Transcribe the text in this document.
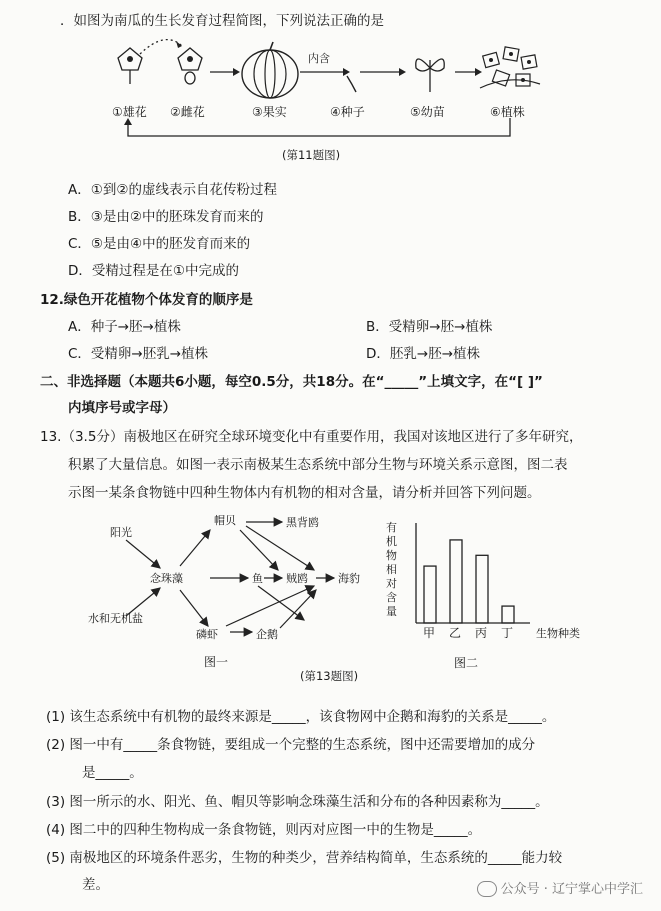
．如图为南瓜的生长发育过程简图，下列说法正确的是
内含
①雄花 ②雌花	③果实	④种子	⑤幼苗	⑥植株
(第11题图)
A．①到②的虚线表示自花传粉过程
B．③是由②中的胚珠发育而来的
C．⑤是由④中的胚发育而来的
D．受精过程是在①中完成的
12.绿色开花植物个体发育的顺序是
A．种子→胚→植株	B．受精卵→胚→植株
C．受精卵→胚乳→植株	D．胚乳→胚→植株
二、非选择题（本题共6小题，每空0.5分，共18分。在“_____”上填文字，在“[ ]”
内填序号或字母）
13.（3.5分）南极地区在研究全球环境变化中有重要作用，我国对该地区进行了多年研究，
积累了大量信息。如图一表示南极某生态系统中部分生物与环境关系示意图，图二表
示图一某条食物链中四种生物体内有机物的相对含量，请分析并回答下列问题。
阳光
帽贝	黑背鸥
念珠藻	鱼 贼鸥	海豹
水和无机盐
磷虾	企鹅
图一
有
机
物
相
对
含
量
甲 乙 丙 丁 生物种类
图二
(第13题图)
(1) 该生态系统中有机物的最终来源是_____，该食物网中企鹅和海豹的关系是_____。
(2) 图一中有_____条食物链，要组成一个完整的生态系统，图中还需要增加的成分
是_____。
(3) 图一所示的水、阳光、鱼、帽贝等影响念珠藻生活和分布的各种因素称为_____。
(4) 图二中的四种生物构成一条食物链，则丙对应图一中的生物是_____。
(5) 南极地区的环境条件恶劣，生物的种类少，营养结构简单，生态系统的_____能力较
差。	公众号 · 辽宁掌心中学汇
